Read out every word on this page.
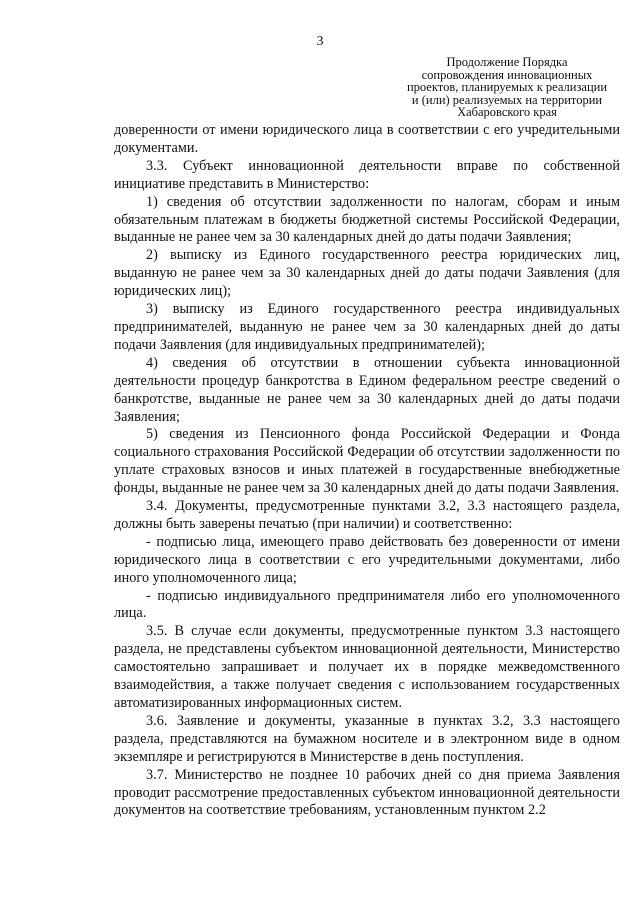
3
Продолжение Порядка
сопровождения инновационных
проектов, планируемых к реализации
и (или) реализуемых на территории
Хабаровского края

доверенности от имени юридического лица в соответствии с его учредительными документами.

3.3. Субъект инновационной деятельности вправе по собственной инициативе представить в Министерство:

1) сведения об отсутствии задолженности по налогам, сборам и иным обязательным платежам в бюджеты бюджетной системы Российской Федерации, выданные не ранее чем за 30 календарных дней до даты подачи Заявления;

2) выписку из Единого государственного реестра юридических лиц, выданную не ранее чем за 30 календарных дней до даты подачи Заявления (для юридических лиц);

3) выписку из Единого государственного реестра индивидуальных предпринимателей, выданную не ранее чем за 30 календарных дней до даты подачи Заявления (для индивидуальных предпринимателей);

4) сведения об отсутствии в отношении субъекта инновационной деятельности процедур банкротства в Едином федеральном реестре сведений о банкротстве, выданные не ранее чем за 30 календарных дней до даты подачи Заявления;

5) сведения из Пенсионного фонда Российской Федерации и Фонда социального страхования Российской Федерации об отсутствии задолженности по уплате страховых взносов и иных платежей в государственные внебюджетные фонды, выданные не ранее чем за 30 календарных дней до даты подачи Заявления.

3.4. Документы, предусмотренные пунктами 3.2, 3.3 настоящего раздела, должны быть заверены печатью (при наличии) и соответственно:

- подписью лица, имеющего право действовать без доверенности от имени юридического лица в соответствии с его учредительными документами, либо иного уполномоченного лица;

- подписью индивидуального предпринимателя либо его уполномоченного лица.

3.5. В случае если документы, предусмотренные пунктом 3.3 настоящего раздела, не представлены субъектом инновационной деятельности, Министерство самостоятельно запрашивает и получает их в порядке межведомственного взаимодействия, а также получает сведения с использованием государственных автоматизированных информационных систем.

3.6. Заявление и документы, указанные в пунктах 3.2, 3.3 настоящего раздела, представляются на бумажном носителе и в электронном виде в одном экземпляре и регистрируются в Министерстве в день поступления.

3.7. Министерство не позднее 10 рабочих дней со дня приема Заявления проводит рассмотрение предоставленных субъектом инновационной деятельности документов на соответствие требованиям, установленным пунктом 2.2
